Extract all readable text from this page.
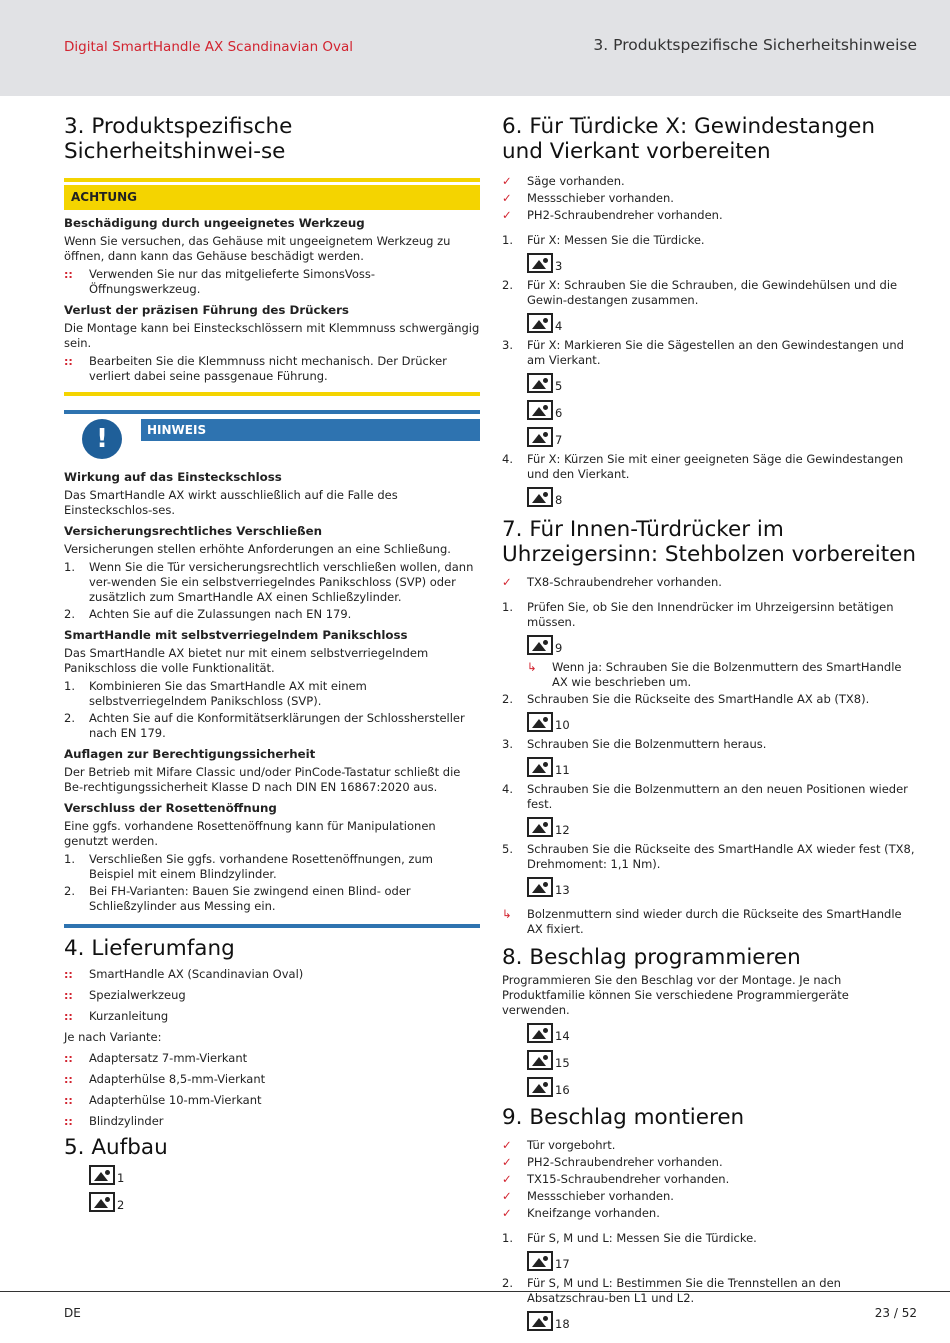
Digital SmartHandle AX Scandinavian Oval	3. Produktspezifische Sicherheitshinweise
3. Produktspezifische Sicherheitshinwei-se
ACHTUNG

Beschädigung durch ungeeignetes Werkzeug

Wenn Sie versuchen, das Gehäuse mit ungeeignetem Werkzeug zu öffnen, dann kann das Gehäuse beschädigt werden.

:: Verwenden Sie nur das mitgelieferte SimonsVoss-Öffnungswerkzeug.

Verlust der präzisen Führung des Drückers

Die Montage kann bei Einsteckschlössern mit Klemmnuss schwergängig sein.

:: Bearbeiten Sie die Klemmnuss nicht mechanisch. Der Drücker verliert dabei seine passgenaue Führung.
!	HINWEIS

Wirkung auf das Einsteckschloss

Das SmartHandle AX wirkt ausschließlich auf die Falle des Einsteckschlos-ses.

Versicherungsrechtliches Verschließen

Versicherungen stellen erhöhte Anforderungen an eine Schließung.

1. Wenn Sie die Tür versicherungsrechtlich verschließen wollen, dann ver-wenden Sie ein selbstverriegelndes Panikschloss (SVP) oder zusätzlich zum SmartHandle AX einen Schließzylinder.
2. Achten Sie auf die Zulassungen nach EN 179.

SmartHandle mit selbstverriegelndem Panikschloss

Das SmartHandle AX bietet nur mit einem selbstverriegelndem Panikschloss die volle Funktionalität.

1. Kombinieren Sie das SmartHandle AX mit einem selbstverriegelndem Panikschloss (SVP).
2. Achten Sie auf die Konformitätserklärungen der Schlosshersteller nach EN 179.

Auflagen zur Berechtigungssicherheit

Der Betrieb mit Mifare Classic und/oder PinCode-Tastatur schließt die Be-rechtigungssicherheit Klasse D nach DIN EN 16867:2020 aus.

Verschluss der Rosettenöffnung

Eine ggfs. vorhandene Rosettenöffnung kann für Manipulationen genutzt werden.

1. Verschließen Sie ggfs. vorhandene Rosettenöffnungen, zum Beispiel mit einem Blindzylinder.
2. Bei FH-Varianten: Bauen Sie zwingend einen Blind- oder Schließzylinder aus Messing ein.
4. Lieferumfang
:: SmartHandle AX (Scandinavian Oval)
:: Spezialwerkzeug
:: Kurzanleitung

Je nach Variante:

:: Adaptersatz 7-mm-Vierkant
:: Adapterhülse 8,5-mm-Vierkant
:: Adapterhülse 10-mm-Vierkant
:: Blindzylinder
5. Aufbau
1
2
6. Für Türdicke X: Gewindestangen und Vierkant vorbereiten
✓ Säge vorhanden.
✓ Messschieber vorhanden.
✓ PH2-Schraubendreher vorhanden.
1. Für X: Messen Sie die Türdicke.
3
2. Für X: Schrauben Sie die Schrauben, die Gewindehülsen und die Gewin-destangen zusammen.
4
3. Für X: Markieren Sie die Sägestellen an den Gewindestangen und am Vierkant.
5
6
7
4. Für X: Kürzen Sie mit einer geeigneten Säge die Gewindestangen und den Vierkant.
8
7. Für Innen-Türdrücker im Uhrzeigersinn: Stehbolzen vorbereiten
✓ TX8-Schraubendreher vorhanden.
1. Prüfen Sie, ob Sie den Innendrücker im Uhrzeigersinn betätigen müssen.
9
↳ Wenn ja: Schrauben Sie die Bolzenmuttern des SmartHandle AX wie beschrieben um.
2. Schrauben Sie die Rückseite des SmartHandle AX ab (TX8).
10
3. Schrauben Sie die Bolzenmuttern heraus.
11
4. Schrauben Sie die Bolzenmuttern an den neuen Positionen wieder fest.
12
5. Schrauben Sie die Rückseite des SmartHandle AX wieder fest (TX8, Drehmoment: 1,1 Nm).
13
↳ Bolzenmuttern sind wieder durch die Rückseite des SmartHandle AX fixiert.
8. Beschlag programmieren

Programmieren Sie den Beschlag vor der Montage. Je nach Produktfamilie können Sie verschiedene Programmiergeräte verwenden.

14
15
16
9. Beschlag montieren
✓ Tür vorgebohrt.
✓ PH2-Schraubendreher vorhanden.
✓ TX15-Schraubendreher vorhanden.
✓ Messschieber vorhanden.
✓ Kneifzange vorhanden.
1. Für S, M und L: Messen Sie die Türdicke.
17
2. Für S, M und L: Bestimmen Sie die Trennstellen an den Absatzschrau-ben L1 und L2.
18
DE	23 / 52
